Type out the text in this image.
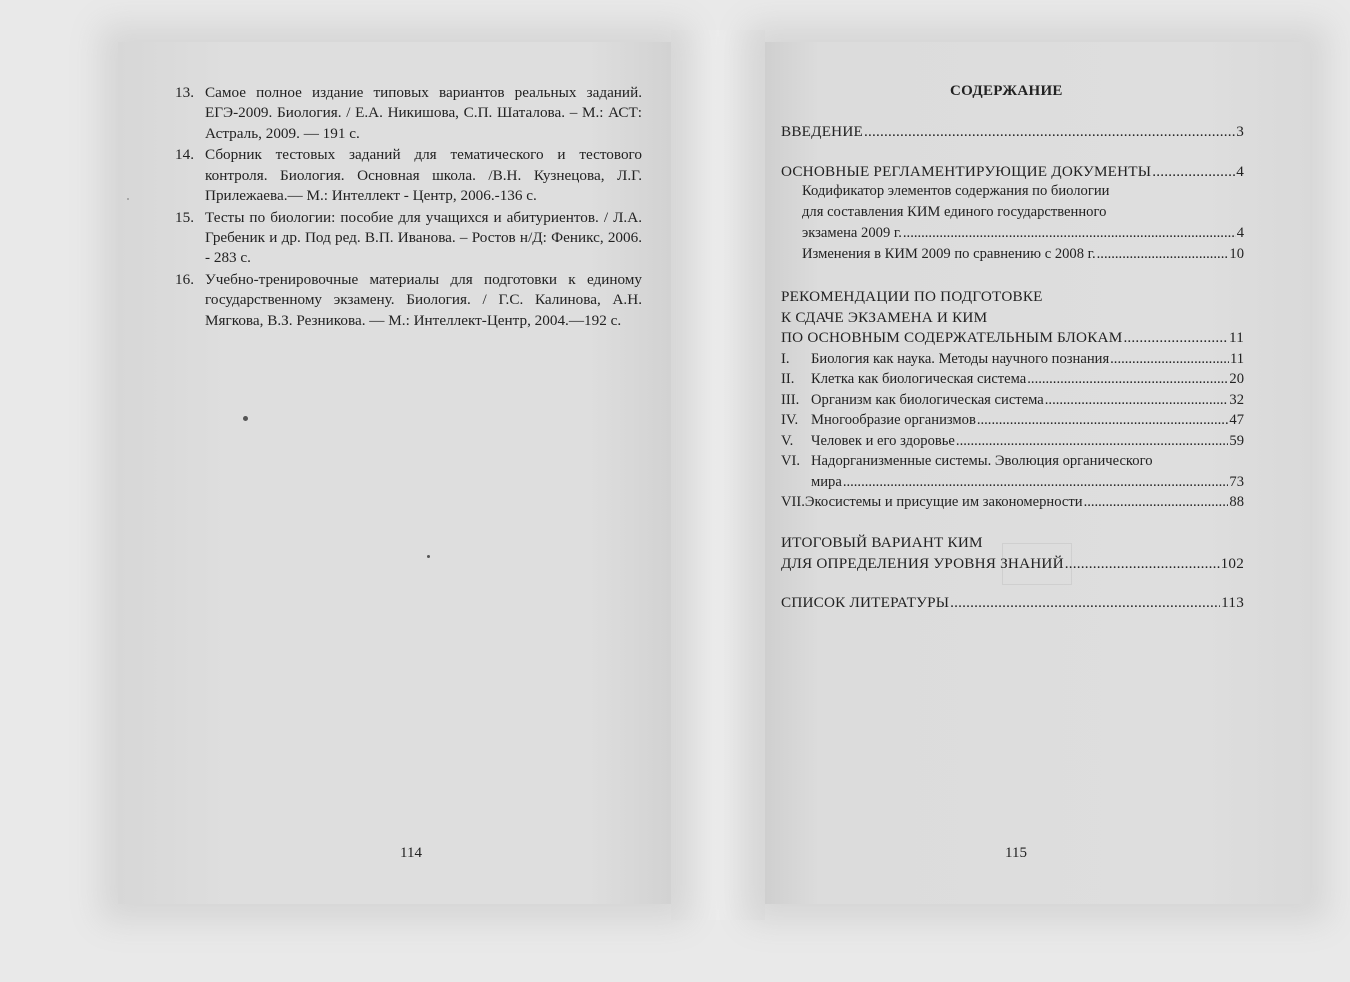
13. Самое полное издание типовых вариантов реальных заданий. ЕГЭ-2009. Биология. / Е.А. Никишова, С.П. Шаталова. – М.: АСТ: Астраль, 2009. — 191 с.
14. Сборник тестовых заданий для тематического и тестового контроля. Биология. Основная школа. /В.Н. Кузнецова, Л.Г. Прилежаева.— М.: Интеллект - Центр, 2006.-136 с.
15. Тесты по биологии: пособие для учащихся и абитуриентов. / Л.А. Гребеник и др. Под ред. В.П. Иванова. – Ростов н/Д: Феникс, 2006. - 283 с.
16. Учебно-тренировочные материалы для подготовки к единому государственному экзамену. Биология. / Г.С. Калинова, А.Н. Мягкова, В.З. Резникова. — М.: Интеллект-Центр, 2004.—192 с.
114
СОДЕРЖАНИЕ
ВВЕДЕНИЕ .....	3
ОСНОВНЫЕ РЕГЛАМЕНТИРУЮЩИЕ ДОКУМЕНТЫ .....	4
Кодификатор элементов содержания по биологии
для составления КИМ единого государственного
экзамена 2009 г. .....	4
Изменения в КИМ 2009 по сравнению с 2008 г. .....	10
РЕКОМЕНДАЦИИ ПО ПОДГОТОВКЕ
К СДАЧЕ ЭКЗАМЕНА И КИМ
ПО ОСНОВНЫМ СОДЕРЖАТЕЛЬНЫМ БЛОКАМ .....	11
I.	Биология как наука. Методы научного познания .....	11
II.	Клетка как биологическая система .....	20
III. Организм как биологическая система .....	32
IV. Многообразие организмов .....	47
V.	Человек и его здоровье .....	59
VI. Надорганизменные системы. Эволюция органического
мира .....	73
VII. Экосистемы и присущие им закономерности .....	88
ИТОГОВЫЙ ВАРИАНТ КИМ
ДЛЯ ОПРЕДЕЛЕНИЯ УРОВНЯ ЗНАНИЙ .....	102
СПИСОК ЛИТЕРАТУРЫ .....	113
115
